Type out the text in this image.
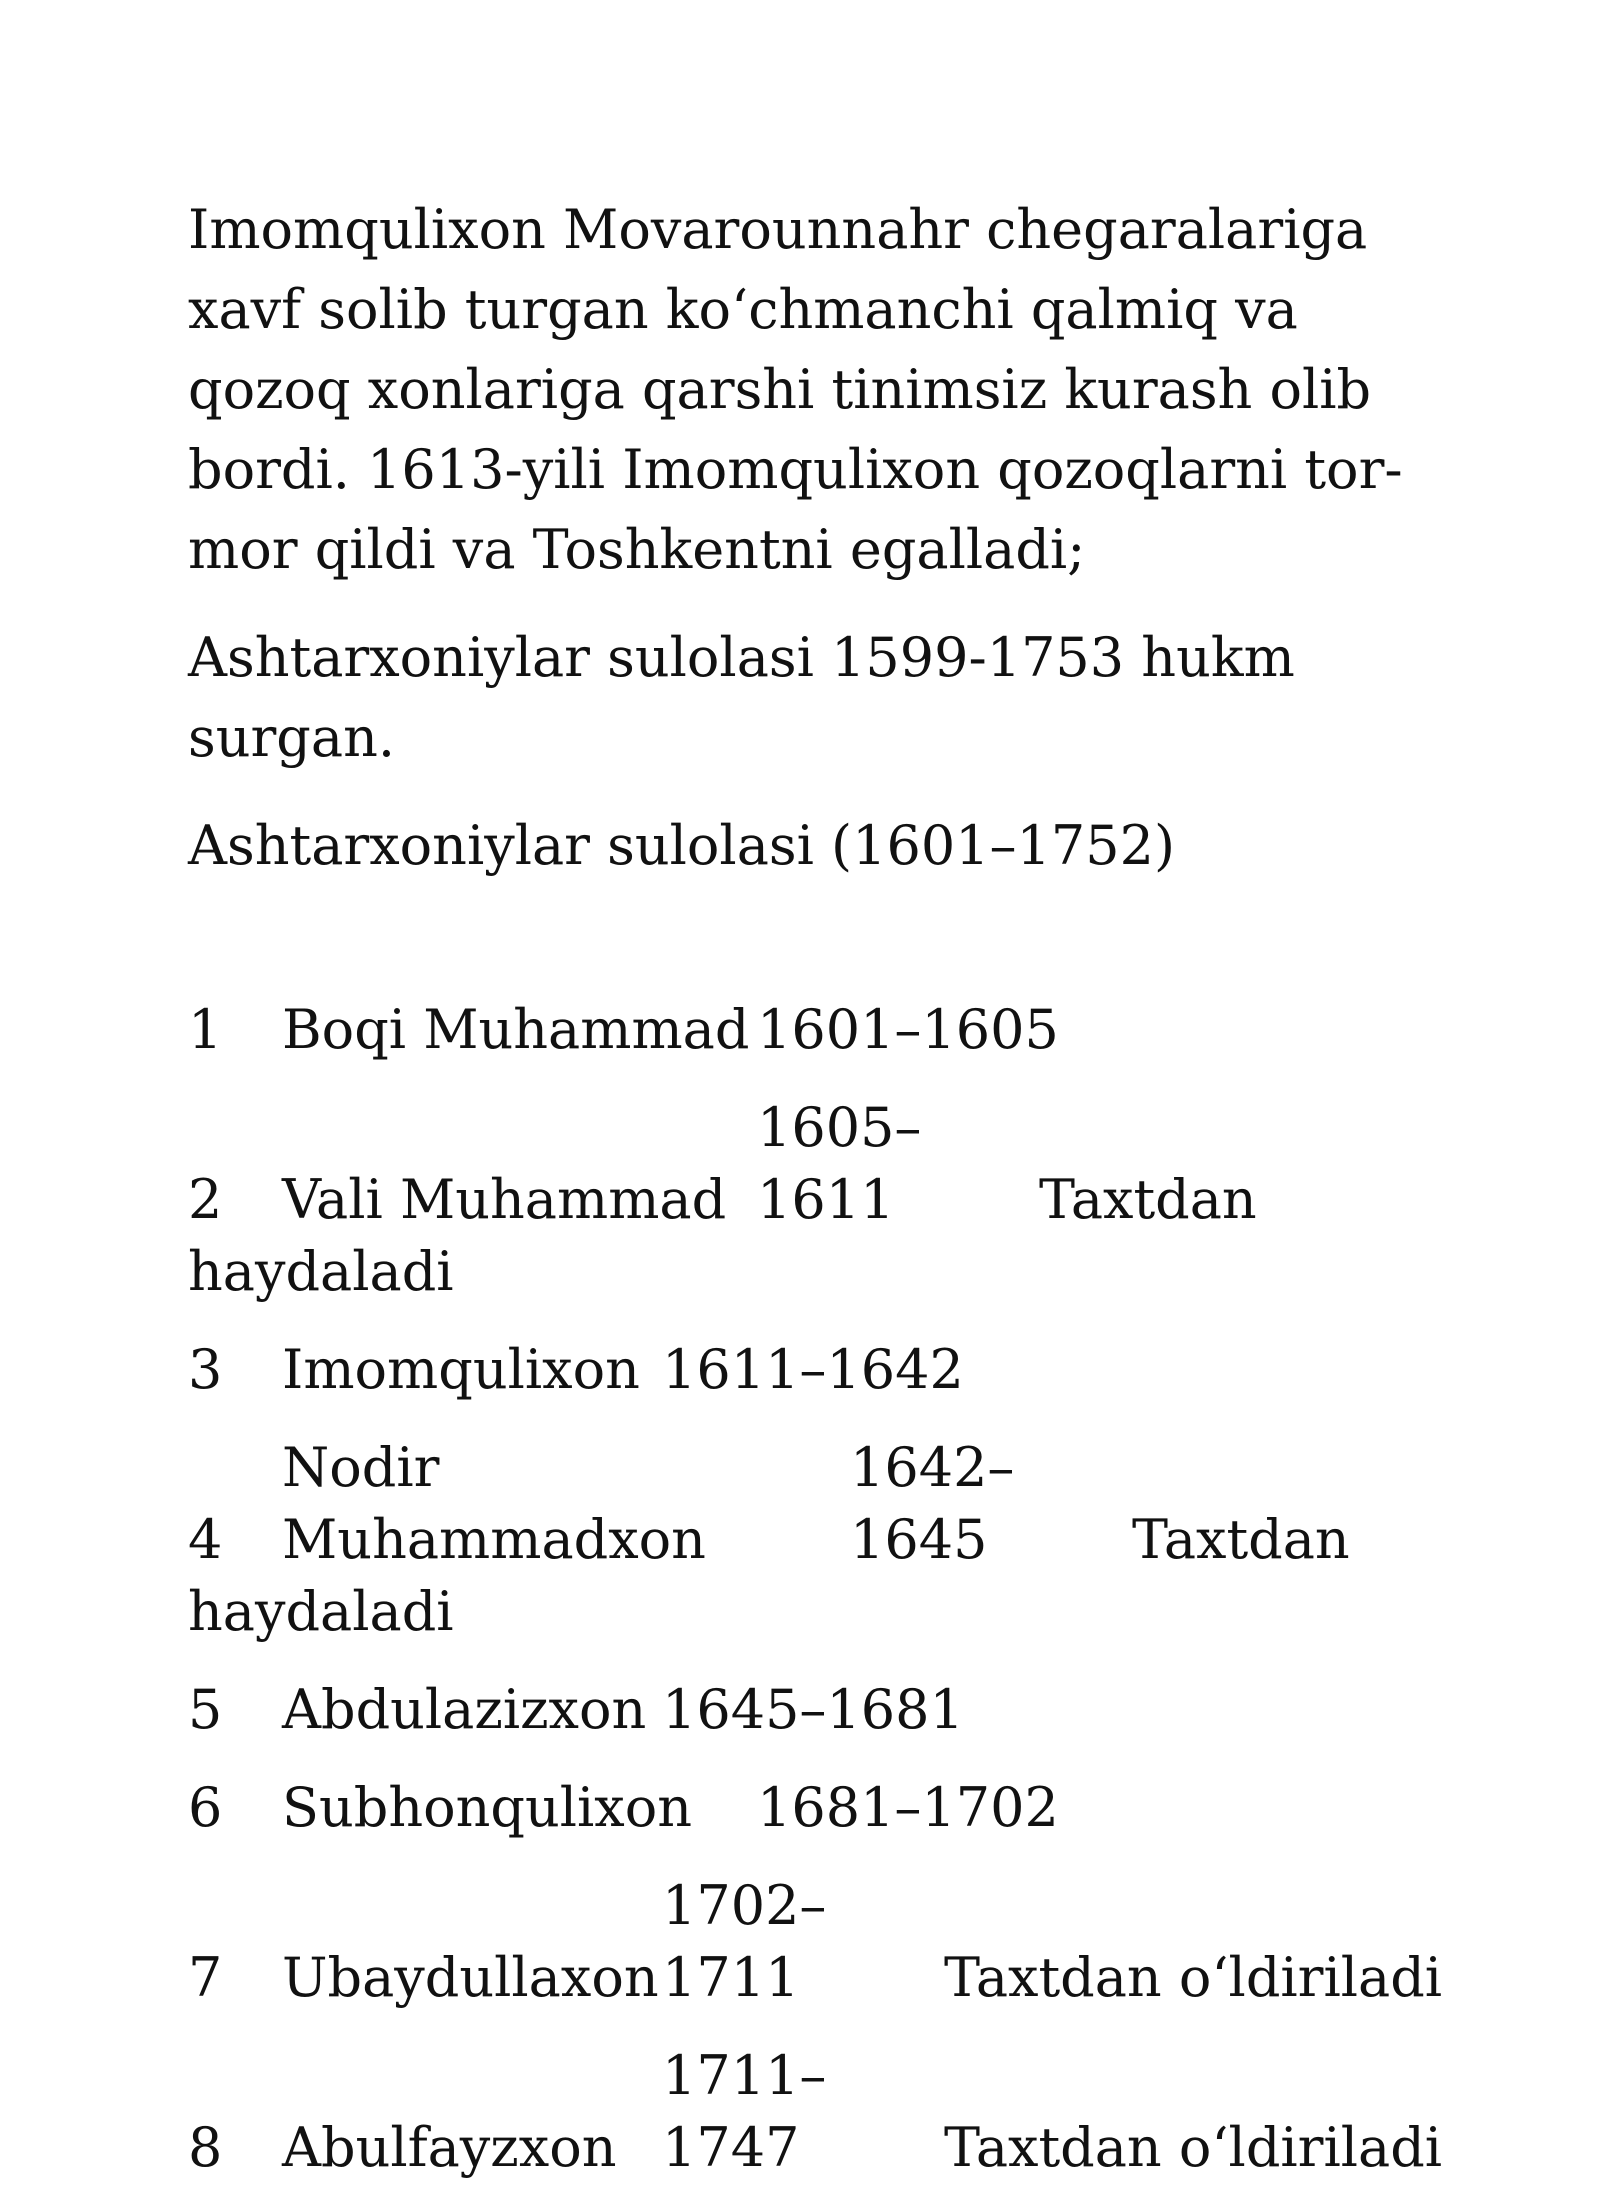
Imomqulixon Movarounnahr chegaralariga xavf solib turgan ko‘chmanchi qalmiq va qozoq xonlariga qarshi tinimsiz kurash olib bordi. 1613-yili Imomqulixon qozoqlarni tor-mor qildi va Toshkentni egalladi;

Ashtarxoniylar sulolasi 1599-1753 hukm surgan.

Ashtarxoniylar sulolasi (1601–1752)

1 Boqi Muhammad 1601–1605
2 Vali Muhammad1605–1611	Taxtdan haydaladi
3 Imomqulixon 1611–1642
4Nodir Muhammadxon1642–1645	Taxtdan haydaladi
5 Abdulazizxon 1645–1681
6 Subhonqulixon 1681–1702
7 Ubaydullaxon1702–1711	Taxtdan o‘ldiriladi
8 Abulfayzxon1711–1747	Taxtdan o‘ldiriladi
